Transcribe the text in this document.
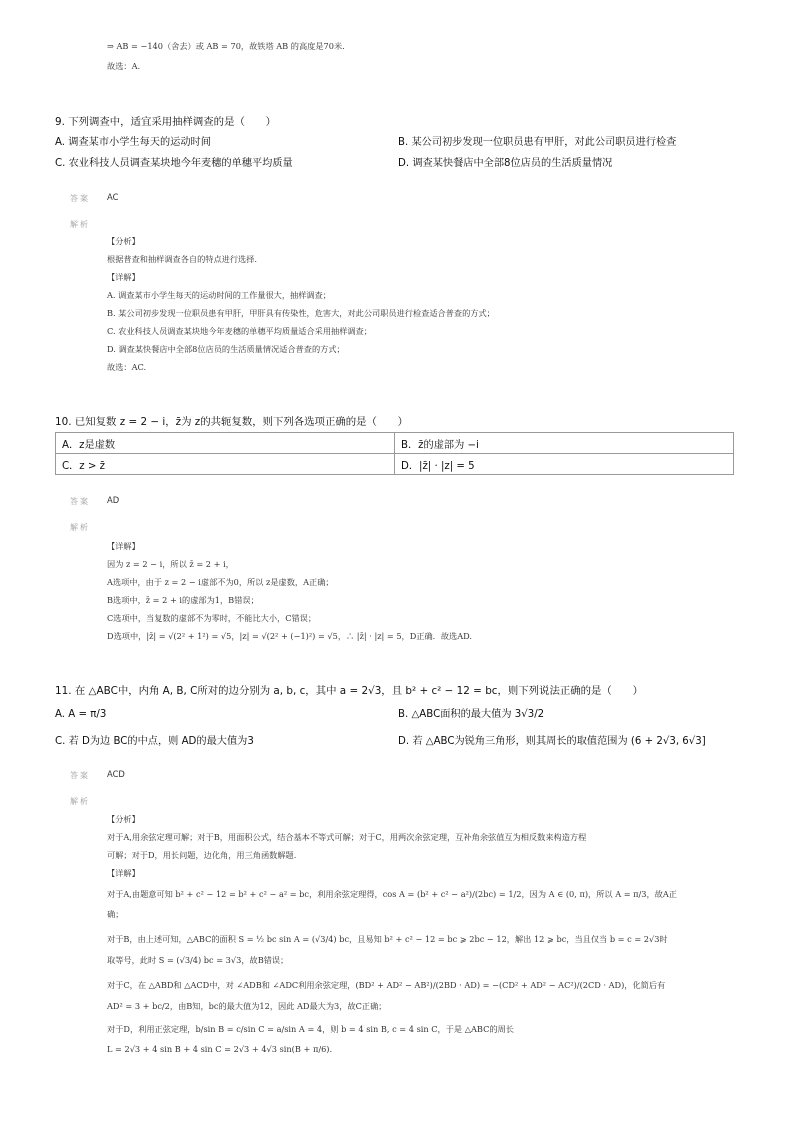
⇒ AB = −140（舍去）或 AB = 70，故铁塔 AB 的高度是70米.
故选：A.
9. 下列调查中，适宜采用抽样调查的是（　　）
A. 调查某市小学生每天的运动时间	B. 某公司初步发现一位职员患有甲肝，对此公司职员进行检查
C. 农业科技人员调查某块地今年麦穗的单穗平均质量	D. 调查某快餐店中全部8位店员的生活质量情况
答案 AC
解析
【分析】
根据普查和抽样调查各自的特点进行选择.
【详解】
A. 调查某市小学生每天的运动时间的工作量很大，抽样调查；
B. 某公司初步发现一位职员患有甲肝，甲肝具有传染性，危害大，对此公司职员进行检查适合普查的方式；
C. 农业科技人员调查某块地今年麦穗的单穗平均质量适合采用抽样调查；
D. 调查某快餐店中全部8位店员的生活质量情况适合普查的方式；
故选：AC.
10. 已知复数 z = 2 − i，z̄为 z的共轭复数，则下列各选项正确的是（　　）
A．z是虚数	B．z̄的虚部为 −i
C．z > z̄	D．|z̄| · |z| = 5
答案 AD
解析
【详解】
因为 z = 2 − i，所以 z̄ = 2 + i，
A选项中，由于 z = 2 − i虚部不为0，所以 z是虚数，A正确；
B选项中，z̄ = 2 + i的虚部为1，B错误；
C选项中，当复数的虚部不为零时，不能比大小，C错误；
D选项中，|z̄| = √(2² + 1²) = √5，|z| = √(2² + (−1)²) = √5，∴ |z̄| · |z| = 5，D正确．故选AD.
11. 在 △ABC中，内角 A, B, C所对的边分别为 a, b, c，其中 a = 2√3，且 b² + c² − 12 = bc，则下列说法正确的是（　　）
A. A = π/3	B. △ABC面积的最大值为 3√3/2
C. 若 D为边 BC的中点，则 AD的最大值为3	D. 若 △ABC为锐角三角形，则其周长的取值范围为 (6 + 2√3, 6√3]
答案 ACD
解析
【分析】
对于A,用余弦定理可解；对于B，用面积公式，结合基本不等式可解；对于C，用两次余弦定理，互补角余弦值互为相反数来构造方程
可解；对于D，用长问题，边化角，用三角函数解题.
【详解】
对于A,由题意可知 b² + c² − 12 = b² + c² − a² = bc，利用余弦定理得，cos A = (b² + c² − a²)/(2bc) = 1/2，因为 A ∈ (0, π)，所以 A = π/3，故A正
确；
对于B，由上述可知，△ABC的面积 S = ½ bc sin A = (√3/4) bc，且易知 b² + c² − 12 = bc ⩾ 2bc − 12，解出 12 ⩾ bc，当且仅当 b = c = 2√3时
取等号，此时 S = (√3/4) bc = 3√3，故B错误；
对于C，在 △ABD和 △ACD中，对 ∠ADB和 ∠ADC利用余弦定理，(BD² + AD² − AB²)/(2BD · AD) = −(CD² + AD² − AC²)/(2CD · AD)，化简后有
AD² = 3 + bc/2，由B知，bc的最大值为12，因此 AD最大为3，故C正确；
对于D，利用正弦定理，b/sin B = c/sin C = a/sin A = 4，则 b = 4 sin B, c = 4 sin C，于是 △ABC的周长
L = 2√3 + 4 sin B + 4 sin C = 2√3 + 4√3 sin(B + π/6).
